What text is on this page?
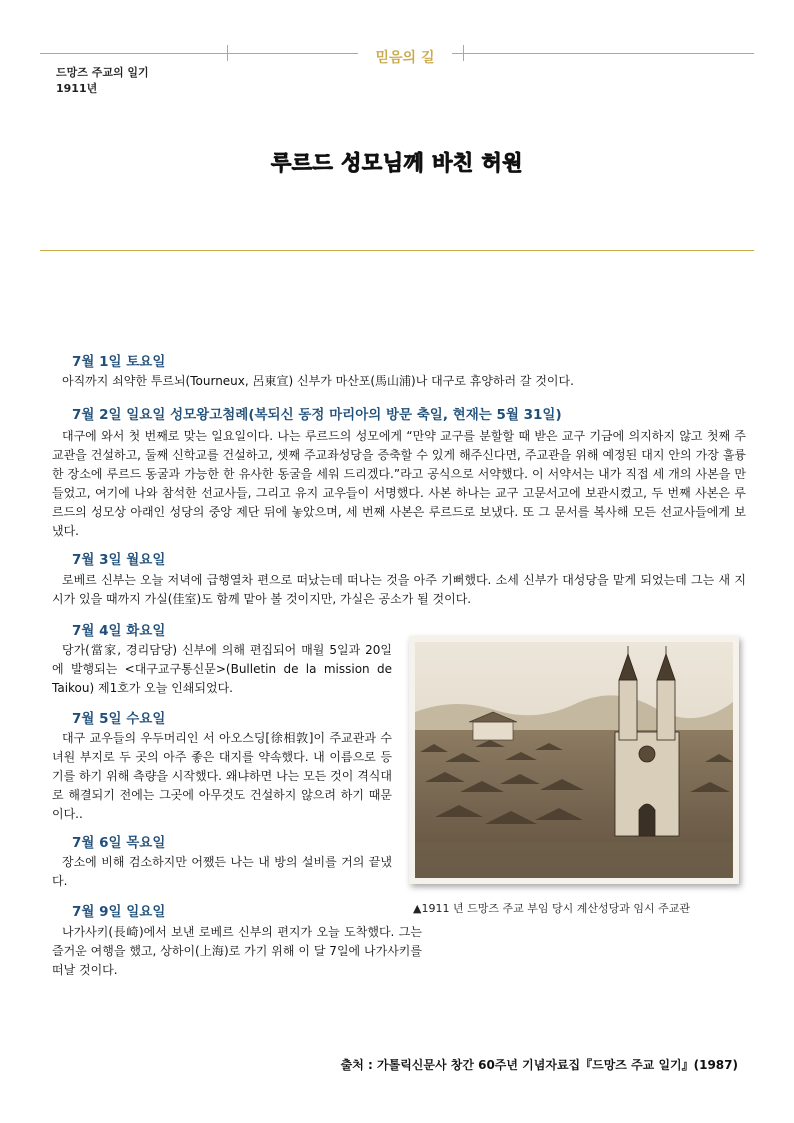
믿음의 길
드망즈 주교의 일기
1911년
루르드 성모님께 바친 허원
7월 1일 토요일
아직까지 쇠약한 투르뇌(Tourneux, 呂東宣) 신부가 마산포(馬山浦)나 대구로 휴양하러 갈 것이다.
7월 2일 일요일 성모왕고첨례(복되신 동정 마리아의 방문 축일, 현재는 5월 31일)
대구에 와서 첫 번째로 맞는 일요일이다. 나는 루르드의 성모에게 “만약 교구를 분할할 때 받은 교구 기금에 의지하지 않고 첫째 주교관을 건설하고, 둘째 신학교를 건설하고, 셋째 주교좌성당을 증축할 수 있게 해주신다면, 주교관을 위해 예정된 대지 안의 가장 훌륭한 장소에 루르드 동굴과 가능한 한 유사한 동굴을 세워 드리겠다.”라고 공식으로 서약했다. 이 서약서는 내가 직접 세 개의 사본을 만들었고, 여기에 나와 참석한 선교사들, 그리고 유지 교우들이 서명했다. 사본 하나는 교구 고문서고에 보관시켰고, 두 번째 사본은 루르드의 성모상 아래인 성당의 중앙 제단 뒤에 놓았으며, 세 번째 사본은 루르드로 보냈다. 또 그 문서를 복사해 모든 선교사들에게 보냈다.
7월 3일 월요일
로베르 신부는 오늘 저녁에 급행열차 편으로 떠났는데 떠나는 것을 아주 기뻐했다. 소세 신부가 대성당을 맡게 되었는데 그는 새 지시가 있을 때까지 가실(佳室)도 함께 맡아 볼 것이지만, 가실은 공소가 될 것이다.
7월 4일 화요일
당가(當家, 경리담당) 신부에 의해 편집되어 매월 5일과 20일에 발행되는 <대구교구통신문>(Bulletin de la mission de Taikou) 제1호가 오늘 인쇄되었다.
7월 5일 수요일
대구 교우들의 우두머리인 서 아오스딩[徐相敦]이 주교관과 수녀원 부지로 두 곳의 아주 좋은 대지를 약속했다. 내 이름으로 등기를 하기 위해 측량을 시작했다. 왜냐하면 나는 모든 것이 격식대로 해결되기 전에는 그곳에 아무것도 건설하지 않으려 하기 때문이다..
7월 6일 목요일
장소에 비해 검소하지만 어쨌든 나는 내 방의 설비를 거의 끝냈다.
7월 9일 일요일
나가사키(長崎)에서 보낸 로베르 신부의 편지가 오늘 도착했다. 그는 즐거운 여행을 했고, 상하이(上海)로 가기 위해 이 달 7일에 나가사키를 떠날 것이다.
▲1911 년 드망즈 주교 부임 당시 계산성당과 임시 주교관
출처 : 가톨릭신문사 창간 60주년 기념자료집『드망즈 주교 일기』(1987)
